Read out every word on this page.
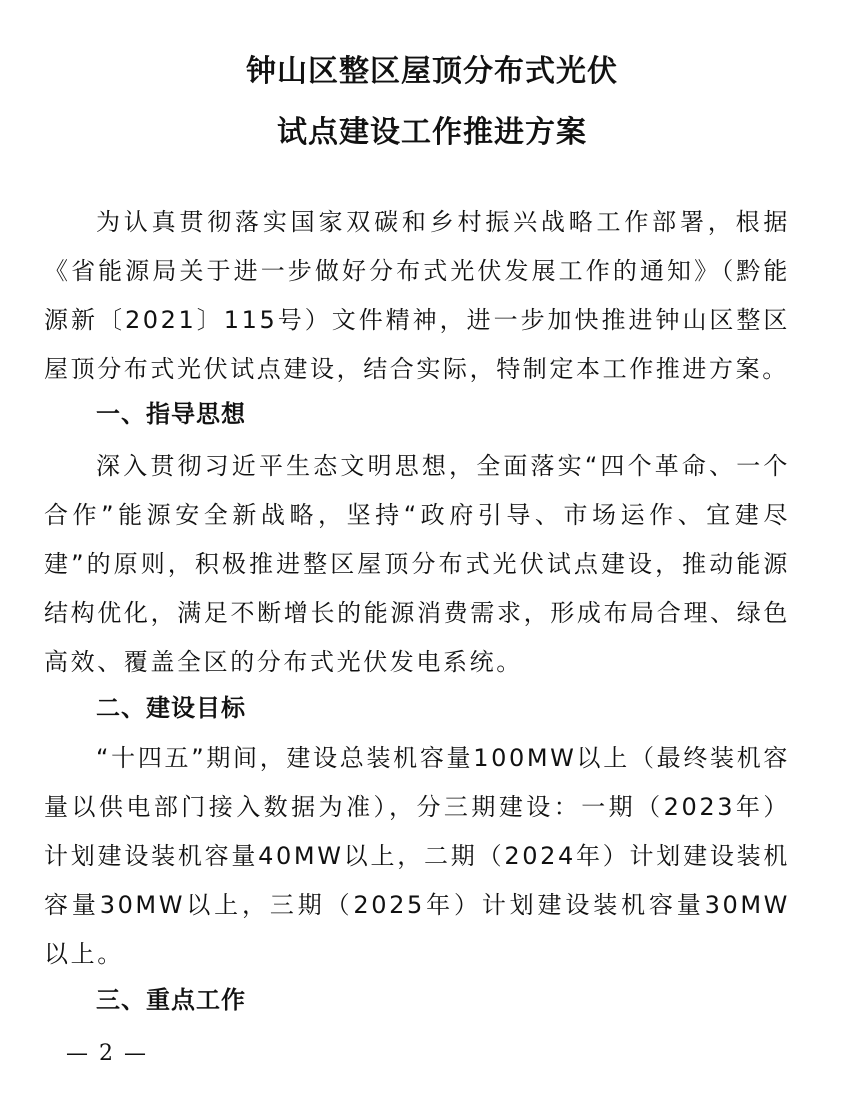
钟山区整区屋顶分布式光伏
试点建设工作推进方案

为认真贯彻落实国家双碳和乡村振兴战略工作部署，根据《省能源局关于进一步做好分布式光伏发展工作的通知》（黔能源新〔2021〕115号）文件精神，进一步加快推进钟山区整区屋顶分布式光伏试点建设，结合实际，特制定本工作推进方案。

一、指导思想

深入贯彻习近平生态文明思想，全面落实“四个革命、一个合作”能源安全新战略，坚持“政府引导、市场运作、宜建尽建”的原则，积极推进整区屋顶分布式光伏试点建设，推动能源结构优化，满足不断增长的能源消费需求，形成布局合理、绿色高效、覆盖全区的分布式光伏发电系统。

二、建设目标

“十四五”期间，建设总装机容量100MW以上（最终装机容量以供电部门接入数据为准），分三期建设：一期（2023年）计划建设装机容量40MW以上，二期（2024年）计划建设装机容量30MW以上，三期（2025年）计划建设装机容量30MW以上。

三、重点工作
— 2 —
